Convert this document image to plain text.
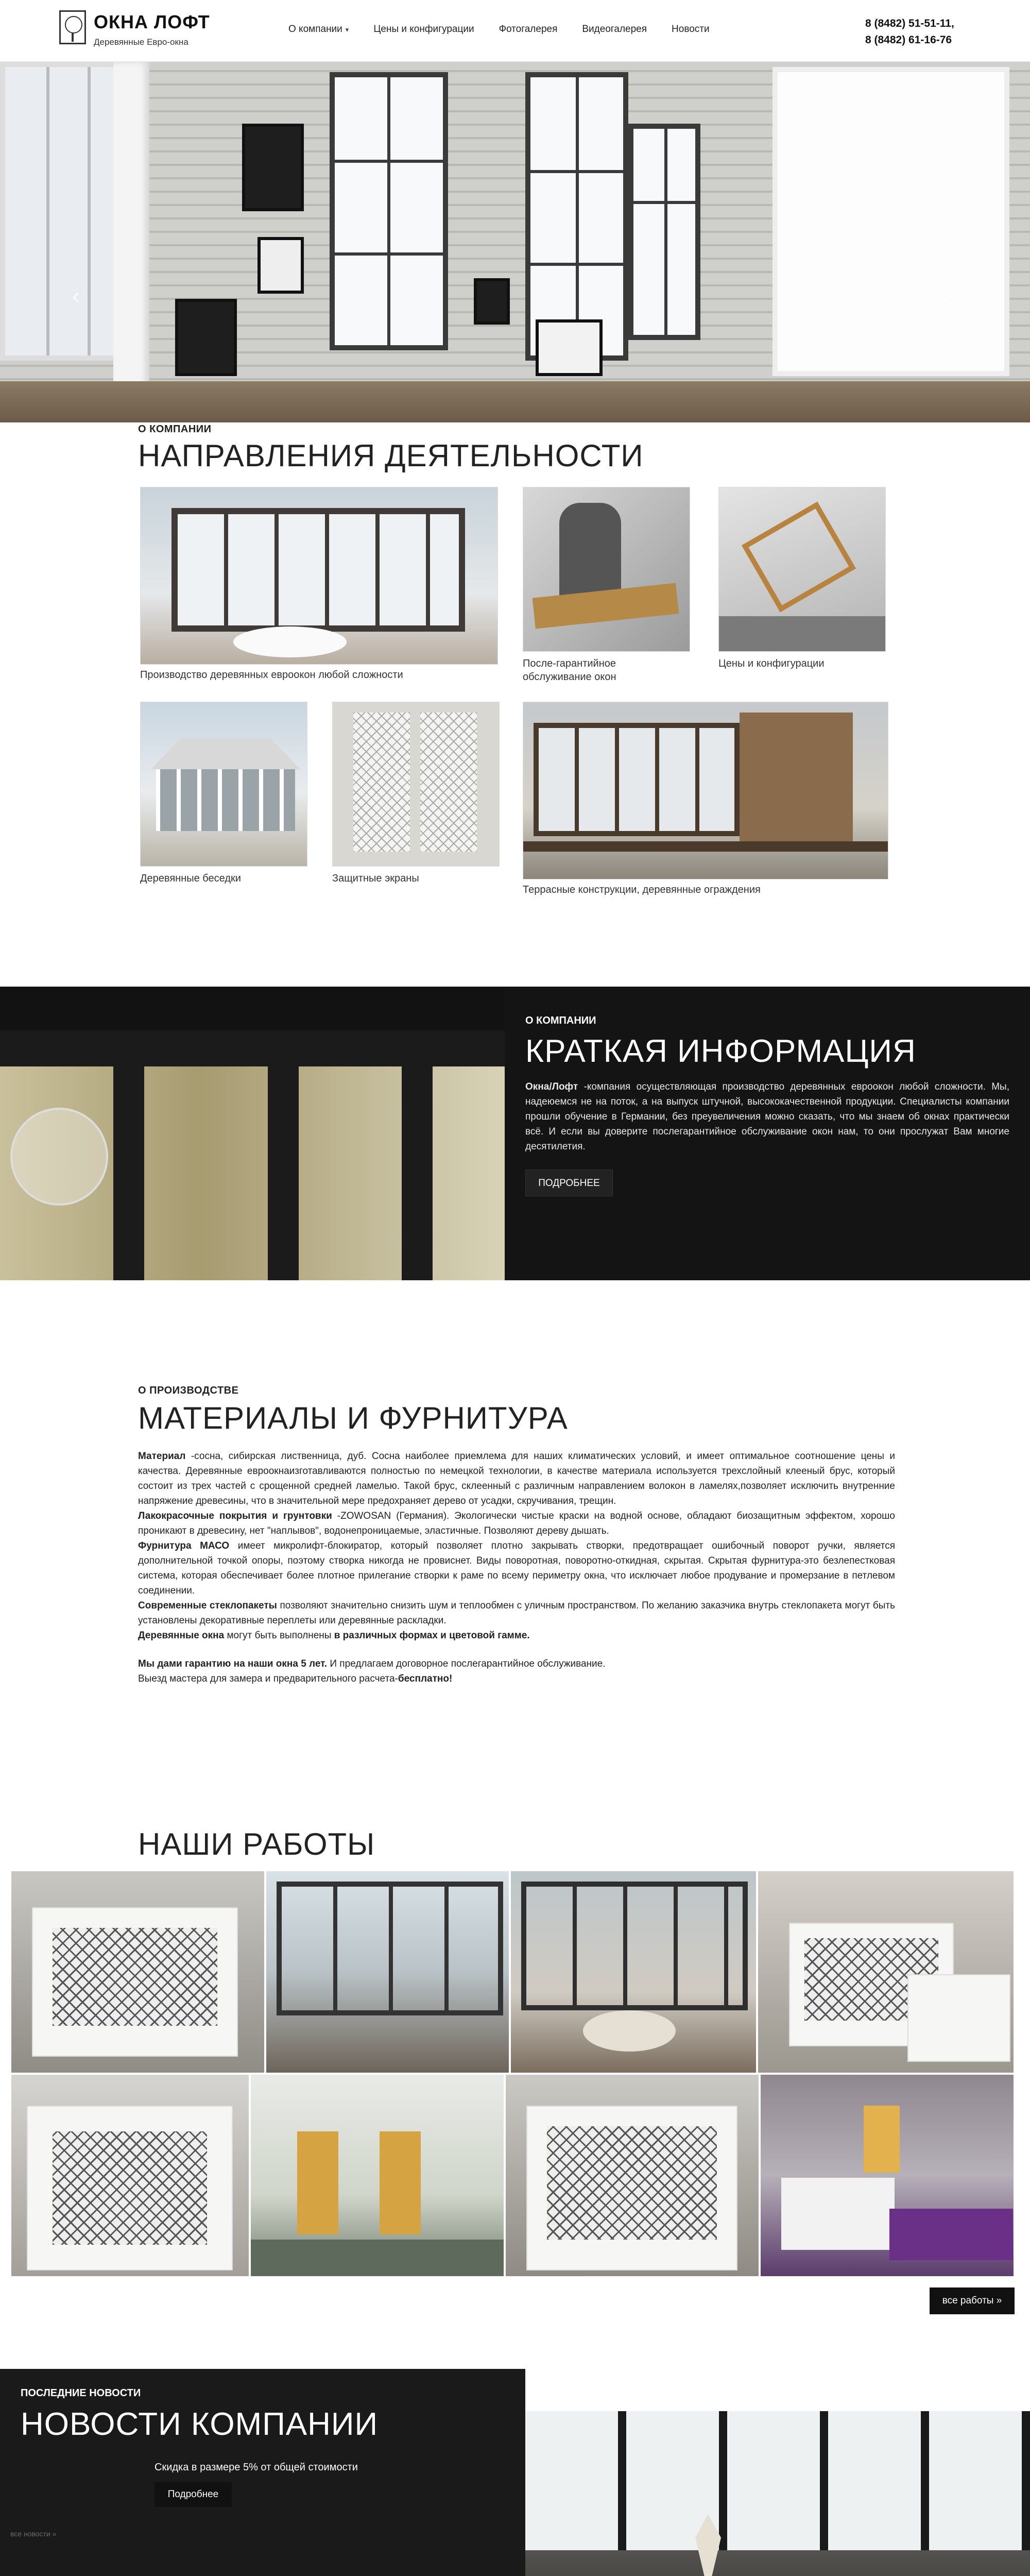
ОКНА ЛОФТ
Деревянные Евро-окна
О компании ▾	Цены и конфигурации	Фотогалерея	Видеогалерея	Новости	8 (8482) 51-51-11,
8 (8482) 61-16-76
‹	›
О КОМПАНИИ
НАПРАВЛЕНИЯ ДЕЯТЕЛЬНОСТИ
Производство деревянных евроокон любой сложности
После-гарантийное обслуживание окон
Цены и конфигурации
Деревянные беседки	Защитные экраны
Террасные конструкции, деревянные ограждения
О КОМПАНИИ
КРАТКАЯ ИНФОРМАЦИЯ
Окна/Лофт -компания осуществляющая производство деревянных евроокон любой сложности. Мы, надеюемся не на поток, а на выпуск штучной, высококачественной продукции. Специалисты компании прошли обучение в Германии, без преувеличения можно сказать, что мы знаем об окнах практически всё. И если вы доверите послегарантийное обслуживание окон нам, то они прослужат Вам многие десятилетия.
ПОДРОБНЕЕ
О ПРОИЗВОДСТВЕ
МАТЕРИАЛЫ И ФУРНИТУРА

Материал -сосна, сибирская лиственница, дуб. Сосна наиболее приемлема для наших климатических условий, и имеет оптимальное соотношение цены и качества. Деревянные евроокнаизготавливаются полностью по немецкой технологии, в качестве материала используется трехслойный клееный брус, который состоит из трех частей с срощенной средней ламелью. Такой брус, склеенный с различным направлением волокон в ламелях,позволяет исключить внутренние напряжение древесины, что в значительной мере предохраняет дерево от усадки, скручивания, трещин.

Лакокрасочные покрытия и грунтовки -ZOWOSAN (Германия). Экологически чистые краски на водной основе, обладают биозащитным эффектом, хорошо проникают в древесину, нет "наплывов", водонепроницаемые, эластичные. Позволяют дереву дышать.

Фурнитура МАСО имеет микролифт-блокиратор, который позволяет плотно закрывать створки, предотвращает ошибочный поворот ручки, является дополнительной точкой опоры, поэтому створка никогда не провиснет. Виды поворотная, поворотно-откидная, скрытая. Скрытая фурнитура-это безлепестковая система, которая обеспечивает более плотное прилегание створки к раме по всему периметру окна, что исключает любое продувание и промерзание в петлевом соединении.

Современные стеклопакеты позволяют значительно снизить шум и теплообмен с уличным пространством. По желанию заказчика внутрь стеклопакета могут быть установлены декоративные переплеты или деревянные раскладки.

Деревянные окна могут быть выполнены в различных формах и цветовой гамме.

Мы дами гарантию на наши окна 5 лет. И предлагаем договорное послегарантийное обслуживание.

Выезд мастера для замера и предварительного расчета-бесплатно!

НАШИ РАБОТЫ
все работы »
ПОСЛЕДНИЕ НОВОСТИ
НОВОСТИ КОМПАНИИ
Скидка в размере 5% от общей стоимости
Подробнее
все новости »
